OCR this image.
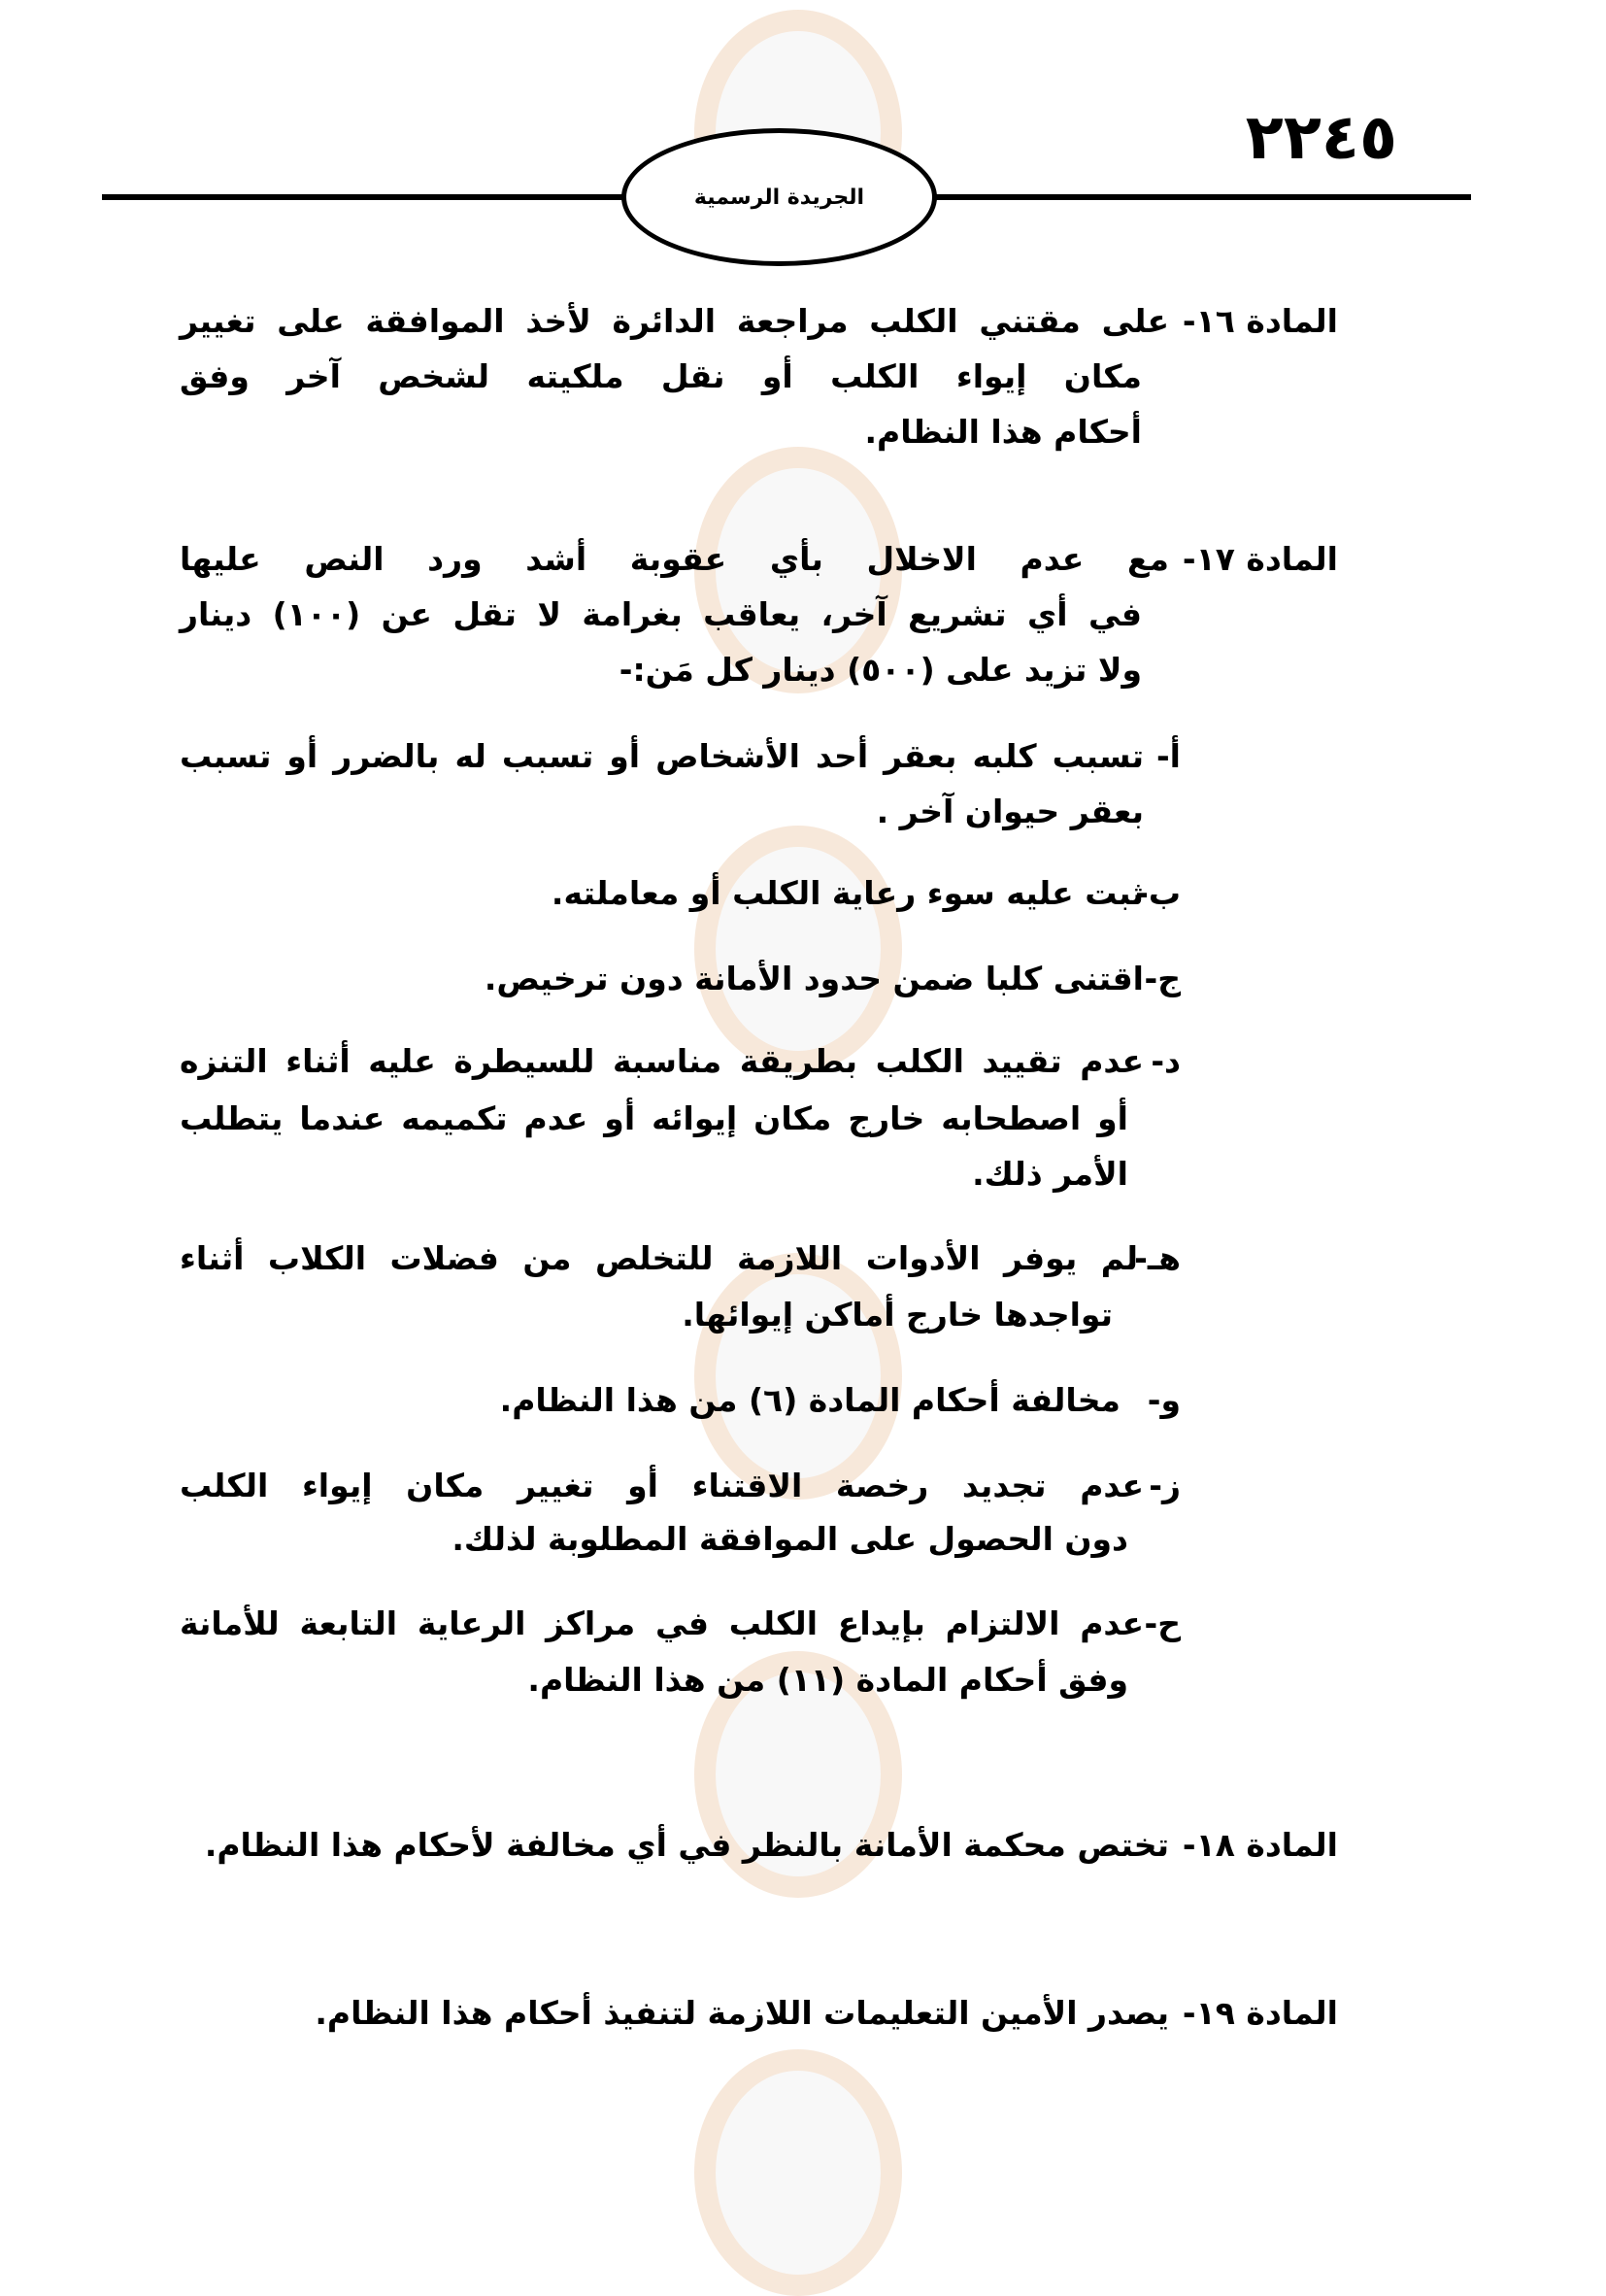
٢٢٤٥
الجريدة الرسمية
المادة ١٦-
على مقتني الكلب مراجعة الدائرة لأخذ الموافقة على تغيير
مكان إيواء الكلب أو نقل ملكيته لشخص آخر وفق
أحكام هذا النظام.
المادة ١٧-
مع عدم الاخلال بأي عقوبة أشد ورد النص عليها
في أي تشريع آخر، يعاقب بغرامة لا تقل عن (١٠٠) دينار
ولا تزيد على (٥٠٠) دينار كل مَن:-
أ-
تسبب كلبه بعقر أحد الأشخاص أو تسبب له بالضرر أو تسبب
بعقر حيوان آخر .
ب-
ثبت عليه سوء رعاية الكلب أو معاملته.
ج-
اقتنى كلبا ضمن حدود الأمانة دون ترخيص.
د-
عدم تقييد الكلب بطريقة مناسبة للسيطرة عليه أثناء التنزه
أو اصطحابه خارج مكان إيوائه أو عدم تكميمه عندما يتطلب
الأمر ذلك.
هـ-
لم يوفر الأدوات اللازمة للتخلص من فضلات الكلاب أثناء
تواجدها خارج أماكن إيوائها.
و-
مخالفة أحكام المادة (٦) من هذا النظام.
ز-
عدم تجديد رخصة الاقتناء أو تغيير مكان إيواء الكلب
دون الحصول على الموافقة المطلوبة لذلك.
ح-
عدم الالتزام بإيداع الكلب في مراكز الرعاية التابعة للأمانة
وفق أحكام المادة (١١) من هذا النظام.
المادة ١٨-
تختص محكمة الأمانة بالنظر في أي مخالفة لأحكام هذا النظام.
المادة ١٩-
يصدر الأمين التعليمات اللازمة لتنفيذ أحكام هذا النظام.
